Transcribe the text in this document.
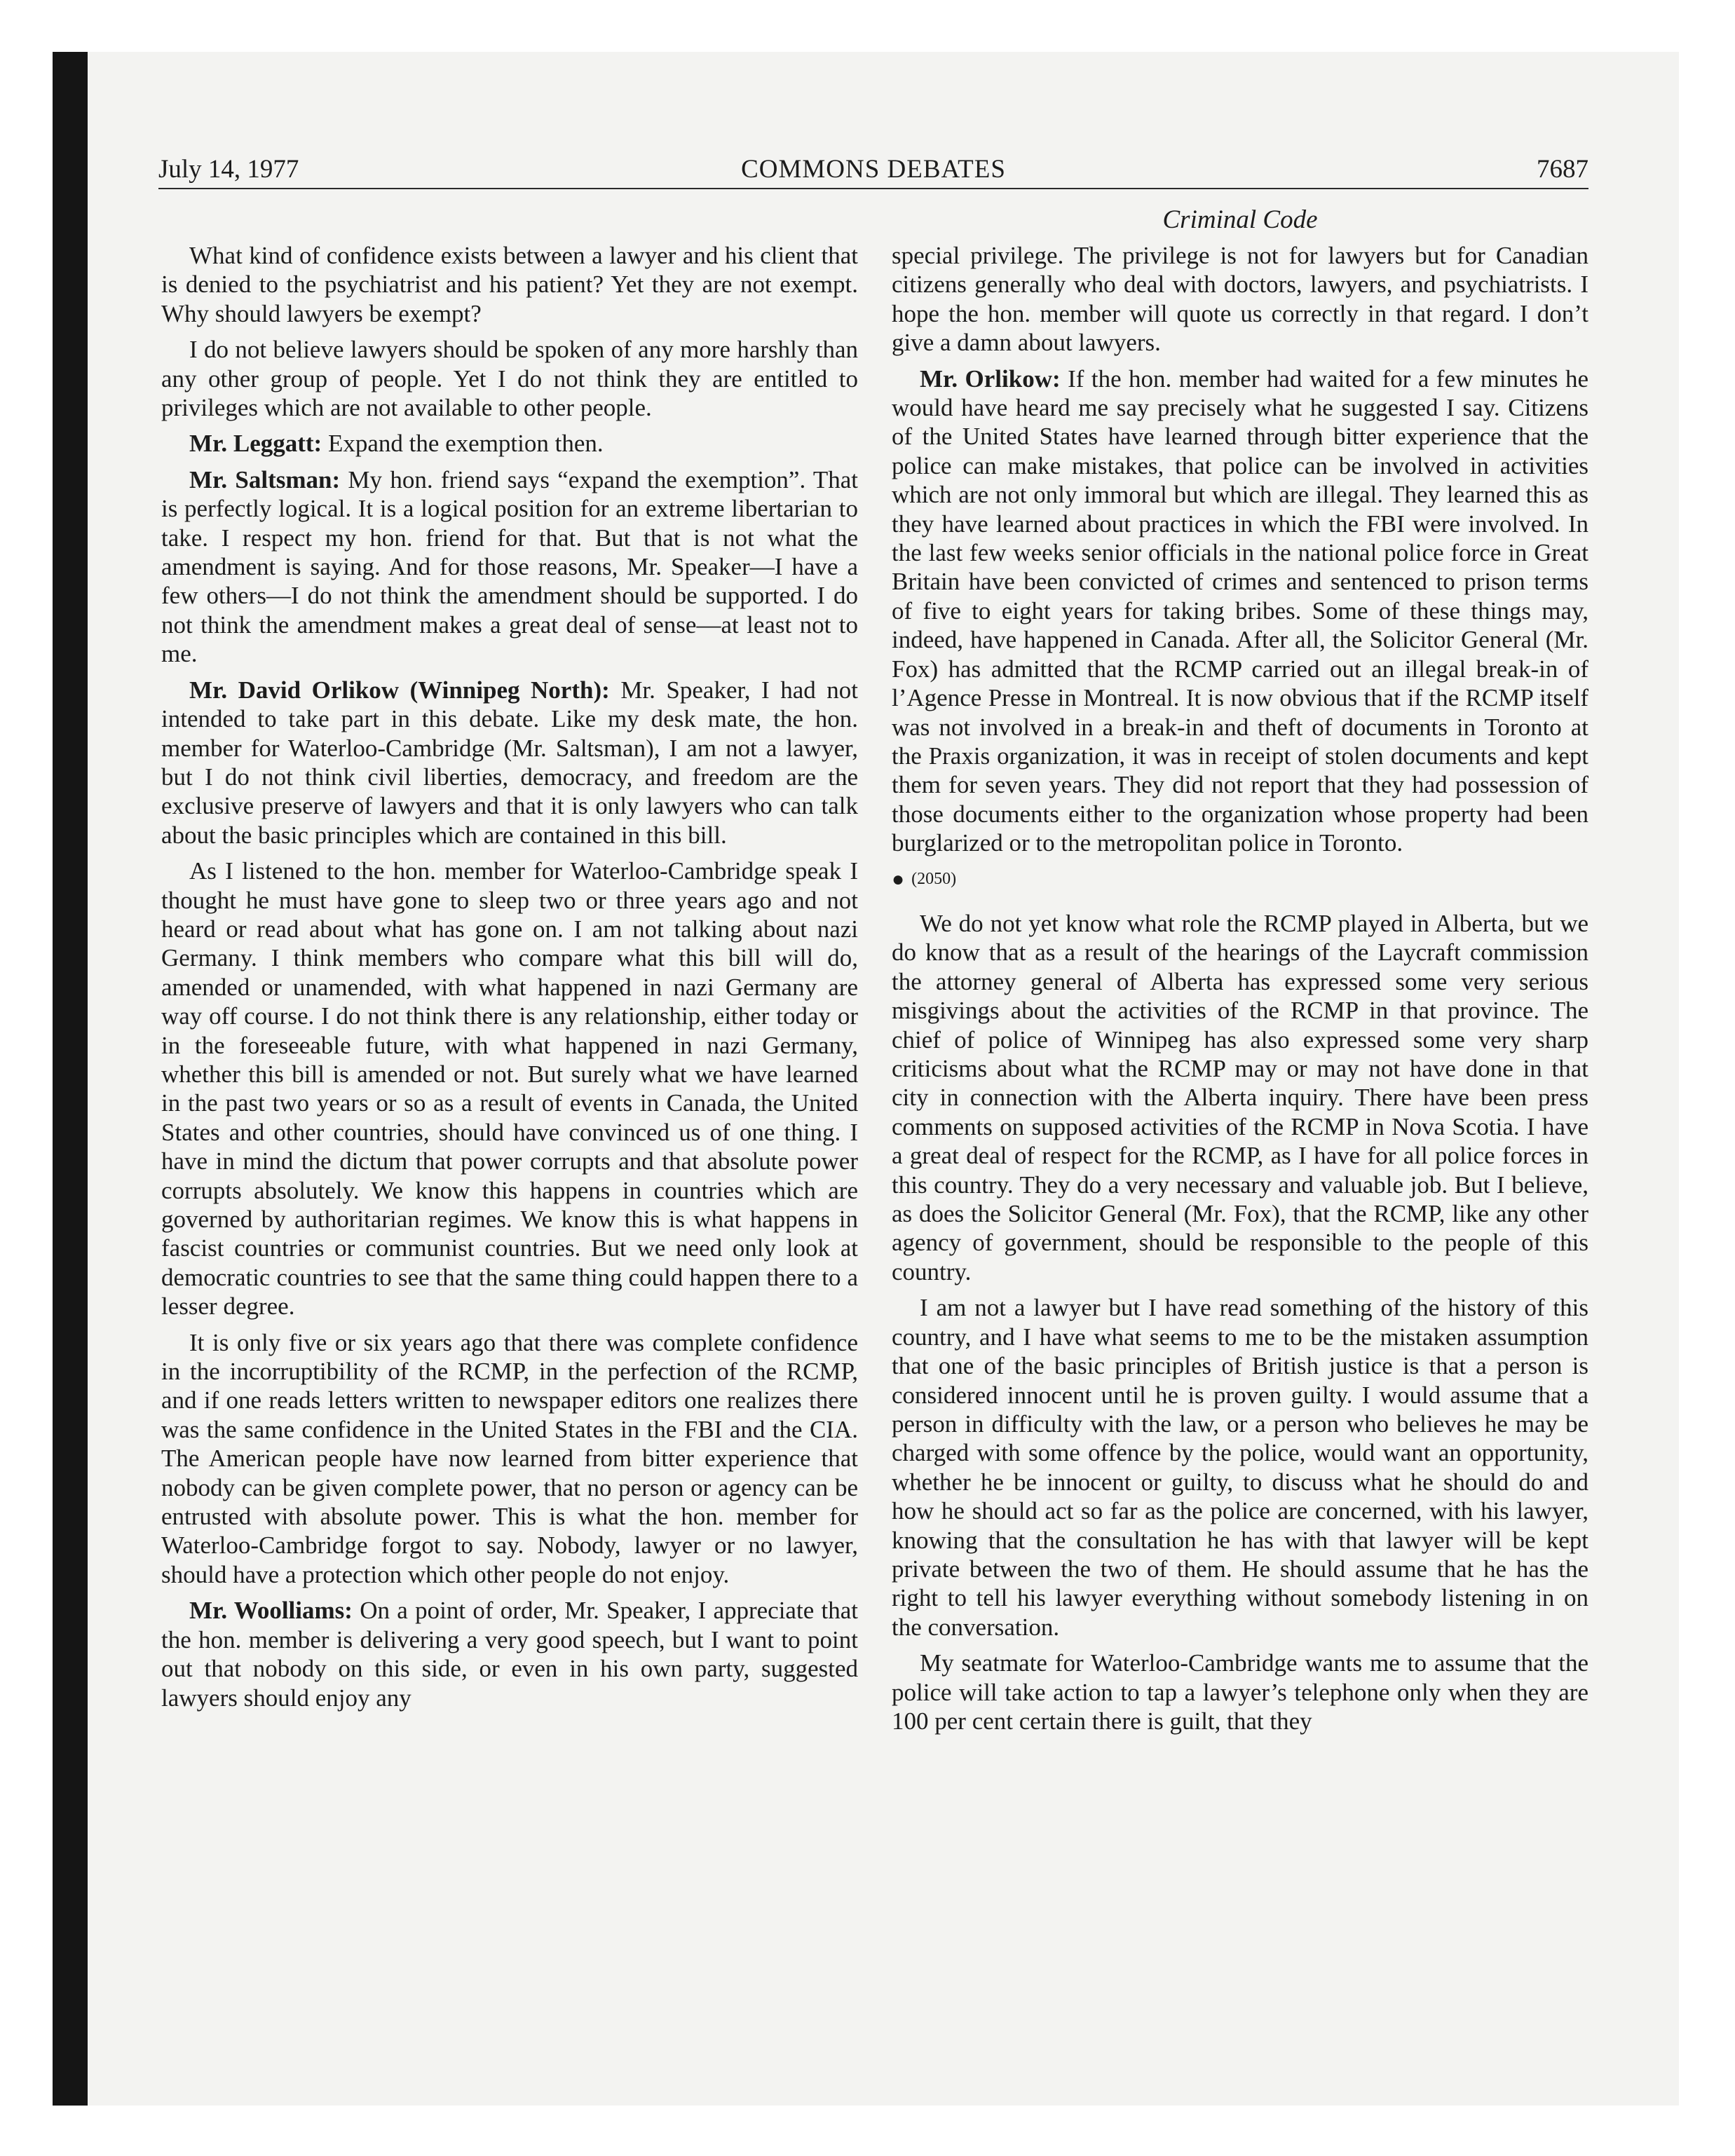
July 14, 1977	COMMONS DEBATES	7687
Criminal Code

What kind of confidence exists between a lawyer and his client that is denied to the psychiatrist and his patient? Yet they are not exempt. Why should lawyers be exempt?

I do not believe lawyers should be spoken of any more harshly than any other group of people. Yet I do not think they are entitled to privileges which are not available to other people.

Mr. Leggatt: Expand the exemption then.

Mr. Saltsman: My hon. friend says “expand the exemption”. That is perfectly logical. It is a logical position for an extreme libertarian to take. I respect my hon. friend for that. But that is not what the amendment is saying. And for those reasons, Mr. Speaker—I have a few others—I do not think the amendment should be supported. I do not think the amendment makes a great deal of sense—at least not to me.

Mr. David Orlikow (Winnipeg North): Mr. Speaker, I had not intended to take part in this debate. Like my desk mate, the hon. member for Waterloo-Cambridge (Mr. Saltsman), I am not a lawyer, but I do not think civil liberties, democracy, and freedom are the exclusive preserve of lawyers and that it is only lawyers who can talk about the basic principles which are contained in this bill.

As I listened to the hon. member for Waterloo-Cambridge speak I thought he must have gone to sleep two or three years ago and not heard or read about what has gone on. I am not talking about nazi Germany. I think members who compare what this bill will do, amended or unamended, with what happened in nazi Germany are way off course. I do not think there is any relationship, either today or in the foreseeable future, with what happened in nazi Germany, whether this bill is amended or not. But surely what we have learned in the past two years or so as a result of events in Canada, the United States and other countries, should have convinced us of one thing. I have in mind the dictum that power corrupts and that absolute power corrupts absolutely. We know this happens in countries which are governed by authoritarian regimes. We know this is what happens in fascist countries or communist countries. But we need only look at democratic countries to see that the same thing could happen there to a lesser degree.

It is only five or six years ago that there was complete confidence in the incorruptibility of the RCMP, in the perfection of the RCMP, and if one reads letters written to newspaper editors one realizes there was the same confidence in the United States in the FBI and the CIA. The American people have now learned from bitter experience that nobody can be given complete power, that no person or agency can be entrusted with absolute power. This is what the hon. member for Waterloo-Cambridge forgot to say. Nobody, lawyer or no lawyer, should have a protection which other people do not enjoy.

Mr. Woolliams: On a point of order, Mr. Speaker, I appreciate that the hon. member is delivering a very good speech, but I want to point out that nobody on this side, or even in his own party, suggested lawyers should enjoy any

special privilege. The privilege is not for lawyers but for Canadian citizens generally who deal with doctors, lawyers, and psychiatrists. I hope the hon. member will quote us correctly in that regard. I don’t give a damn about lawyers.

Mr. Orlikow: If the hon. member had waited for a few minutes he would have heard me say precisely what he suggested I say. Citizens of the United States have learned through bitter experience that the police can make mistakes, that police can be involved in activities which are not only immoral but which are illegal. They learned this as they have learned about practices in which the FBI were involved. In the last few weeks senior officials in the national police force in Great Britain have been convicted of crimes and sentenced to prison terms of five to eight years for taking bribes. Some of these things may, indeed, have happened in Canada. After all, the Solicitor General (Mr. Fox) has admitted that the RCMP carried out an illegal break-in of l’Agence Presse in Montreal. It is now obvious that if the RCMP itself was not involved in a break-in and theft of documents in Toronto at the Praxis organization, it was in receipt of stolen documents and kept them for seven years. They did not report that they had possession of those documents either to the organization whose property had been burglarized or to the metropolitan police in Toronto.

● (2050)

We do not yet know what role the RCMP played in Alberta, but we do know that as a result of the hearings of the Laycraft commission the attorney general of Alberta has expressed some very serious misgivings about the activities of the RCMP in that province. The chief of police of Winnipeg has also expressed some very sharp criticisms about what the RCMP may or may not have done in that city in connection with the Alberta inquiry. There have been press comments on supposed activities of the RCMP in Nova Scotia. I have a great deal of respect for the RCMP, as I have for all police forces in this country. They do a very necessary and valuable job. But I believe, as does the Solicitor General (Mr. Fox), that the RCMP, like any other agency of government, should be responsible to the people of this country.

I am not a lawyer but I have read something of the history of this country, and I have what seems to me to be the mistaken assumption that one of the basic principles of British justice is that a person is considered innocent until he is proven guilty. I would assume that a person in difficulty with the law, or a person who believes he may be charged with some offence by the police, would want an opportunity, whether he be innocent or guilty, to discuss what he should do and how he should act so far as the police are concerned, with his lawyer, knowing that the consultation he has with that lawyer will be kept private between the two of them. He should assume that he has the right to tell his lawyer everything without somebody listening in on the conversation.

My seatmate for Waterloo-Cambridge wants me to assume that the police will take action to tap a lawyer’s telephone only when they are 100 per cent certain there is guilt, that they
